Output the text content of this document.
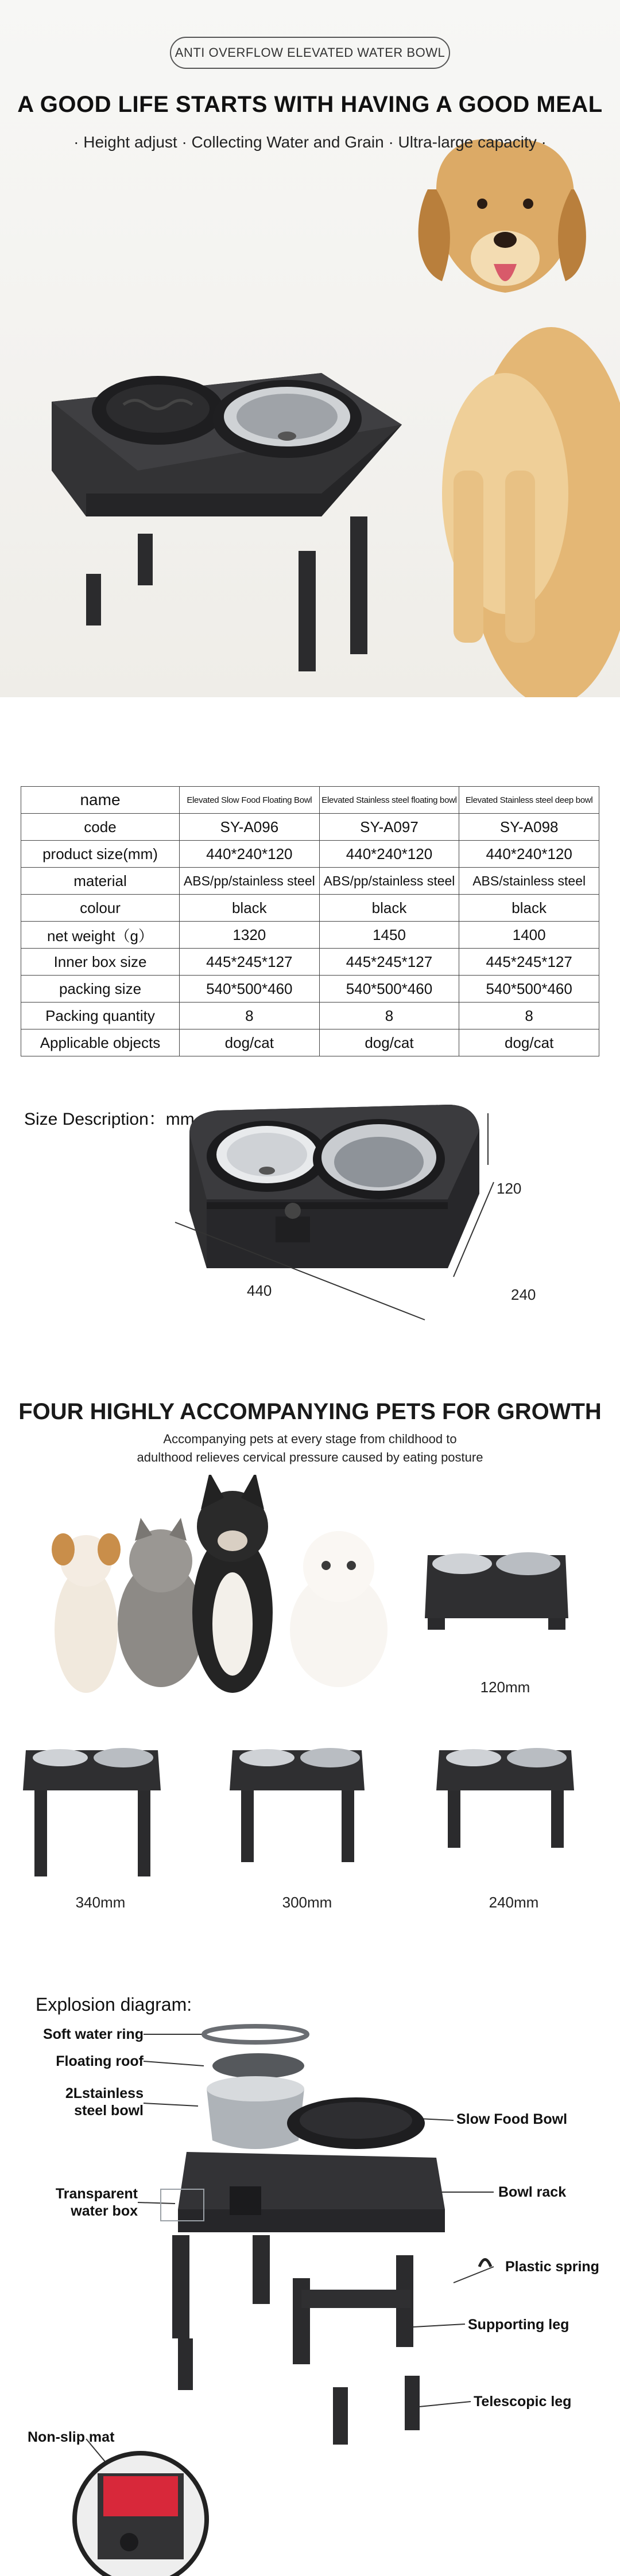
ANTI OVERFLOW ELEVATED WATER BOWL
A GOOD LIFE STARTS WITH HAVING A GOOD MEAL
· Height adjust · Collecting Water and Grain · Ultra-large capacity ·
name	Elevated Slow Food Floating Bowl	Elevated Stainless steel floating bowl	Elevated Stainless steel deep bowl
code	SY-A096	SY-A097	SY-A098
product size(mm)	440*240*120	440*240*120	440*240*120
material	ABS/pp/stainless steel	ABS/pp/stainless steel	ABS/stainless steel
colour	black	black	black
net weight（g）	1320	1450	1400
Inner box size	445*245*127	445*245*127	445*245*127
packing size	540*500*460	540*500*460	540*500*460
Packing quantity	8	8	8
Applicable objects	dog/cat	dog/cat	dog/cat
Size Description：mm
440	240
120
FOUR HIGHLY ACCOMPANYING PETS FOR GROWTH
Accompanying pets at every stage from childhood to
adulthood relieves cervical pressure caused by eating posture
120mm
340mm	300mm	240mm
Explosion diagram:
Soft water ring
Floating roof
2Lstainless
steel bowl
Slow Food Bowl
Transparent
water box
Bowl rack
Plastic spring
Supporting leg
Telescopic leg
Non-slip mat
